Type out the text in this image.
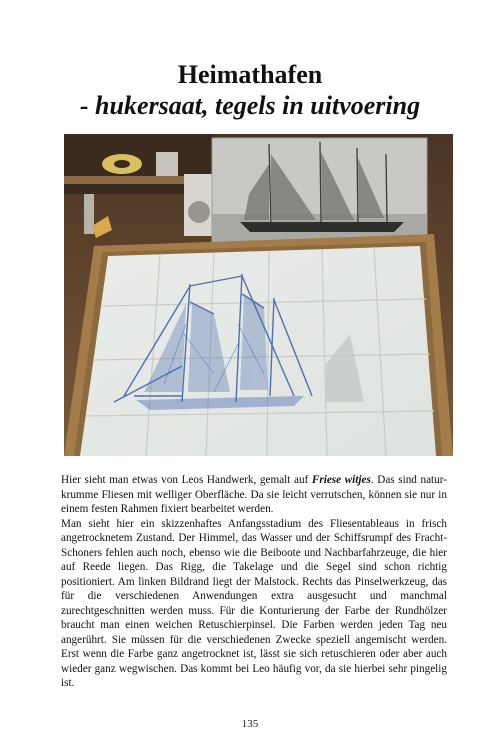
Heimathafen
- hukersaat, tegels in uitvoering

Hier sieht man etwas von Leos Handwerk, gemalt auf Friese witjes. Das sind natur-krumme Fliesen mit welliger Oberfläche. Da sie leicht verrutschen, können sie nur in einem festen Rahmen fixiert bearbeitet werden.

Man sieht hier ein skizzenhaftes Anfangsstadium des Fliesentableaus in frisch angetrocknetem Zustand. Der Himmel, das Wasser und der Schiffsrumpf des Fracht-Schoners fehlen auch noch, ebenso wie die Beiboote und Nachbarfahrzeuge, die hier auf Reede liegen. Das Rigg, die Takelage und die Segel sind schon richtig positioniert. Am linken Bildrand liegt der Malstock. Rechts das Pinselwerkzeug, das für die verschiedenen Anwendungen extra ausgesucht und manchmal zurechtgeschnitten werden muss. Für die Konturierung der Farbe der Rundhölzer braucht man einen weichen Retuschierpinsel. Die Farben werden jeden Tag neu angerührt. Sie müssen für die verschiedenen Zwecke speziell angemischt werden. Erst wenn die Farbe ganz angetrocknet ist, lässt sie sich retuschieren oder aber auch wieder ganz wegwischen. Das kommt bei Leo häufig vor, da sie hierbei sehr pingelig ist.

135
